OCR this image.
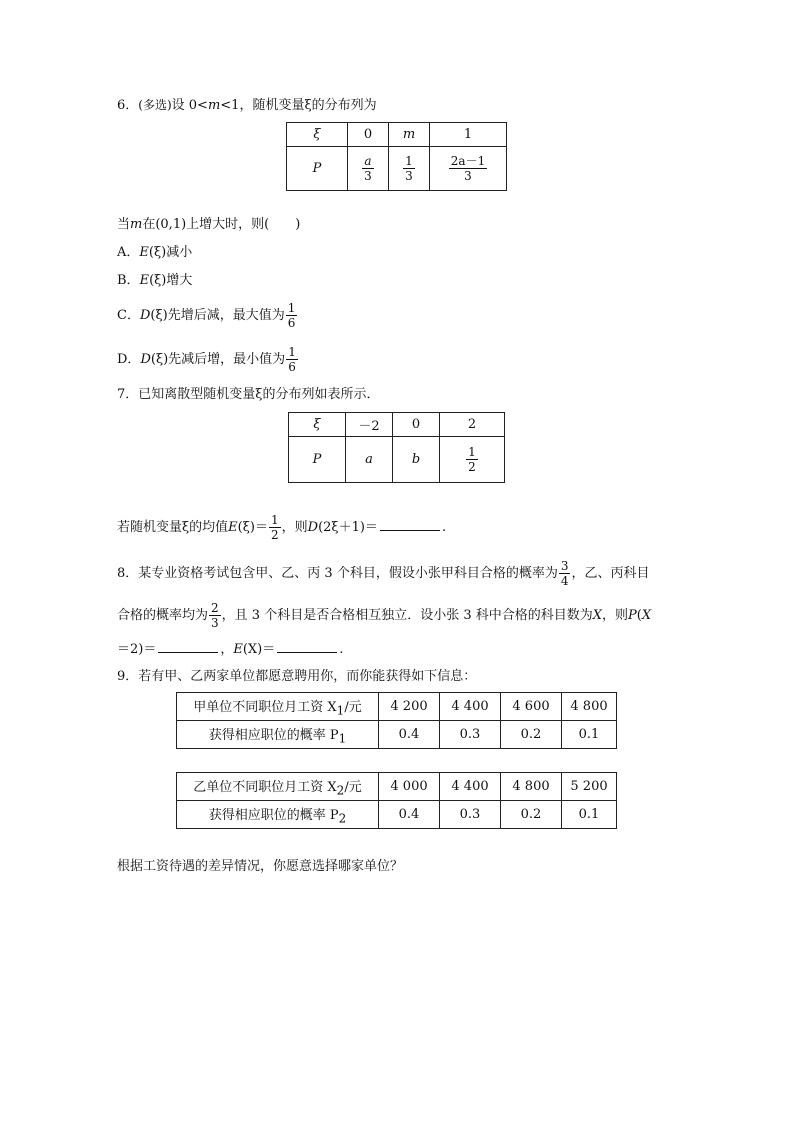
6．(多选)设 0<m<1，随机变量ξ的分布列为
ξ	0	m	1
P	$\frac{a}{3}$	$\frac{1}{3}$	$\frac{2a-1}{3}$
当m在(0,1)上增大时，则(　　)
A．E(ξ)减小
B．E(ξ)增大
C．D(ξ)先增后减，最大值为 $\frac{1}{6}$
D．D(ξ)先减后增，最小值为 $\frac{1}{6}$
7．已知离散型随机变量ξ的分布列如表所示．
ξ	－2	0	2
P	a	b	$\frac{1}{2}$
若随机变量ξ的均值$E(\xi)= \frac{1}{2}$ ，则D(2ξ＋1)＝	.
8．某专业资格考试包含甲、乙、丙 3 个科目，假设小张甲科目合格的概率为 $\frac{3}{4}$ ，乙、丙科目
合格的概率均为 $\frac{2}{3}$ ，且 3 个科目是否合格相互独立．设小张 3 科中合格的科目数为X，则P(X
＝2)＝	，E(X)＝	.
9．若有甲、乙两家单位都愿意聘用你，而你能获得如下信息：
甲单位不同职位月工资 $X_1/$元	4 200	4 400	4 600	4 800
获得相应职位的概率 $P_1$	0.4	0.3	0.2	0.1
乙单位不同职位月工资 $X_2/$元	4 000	4 400	4 800	5 200
获得相应职位的概率 $P_2$	0.4	0.3	0.2	0.1
根据工资待遇的差异情况，你愿意选择哪家单位？
